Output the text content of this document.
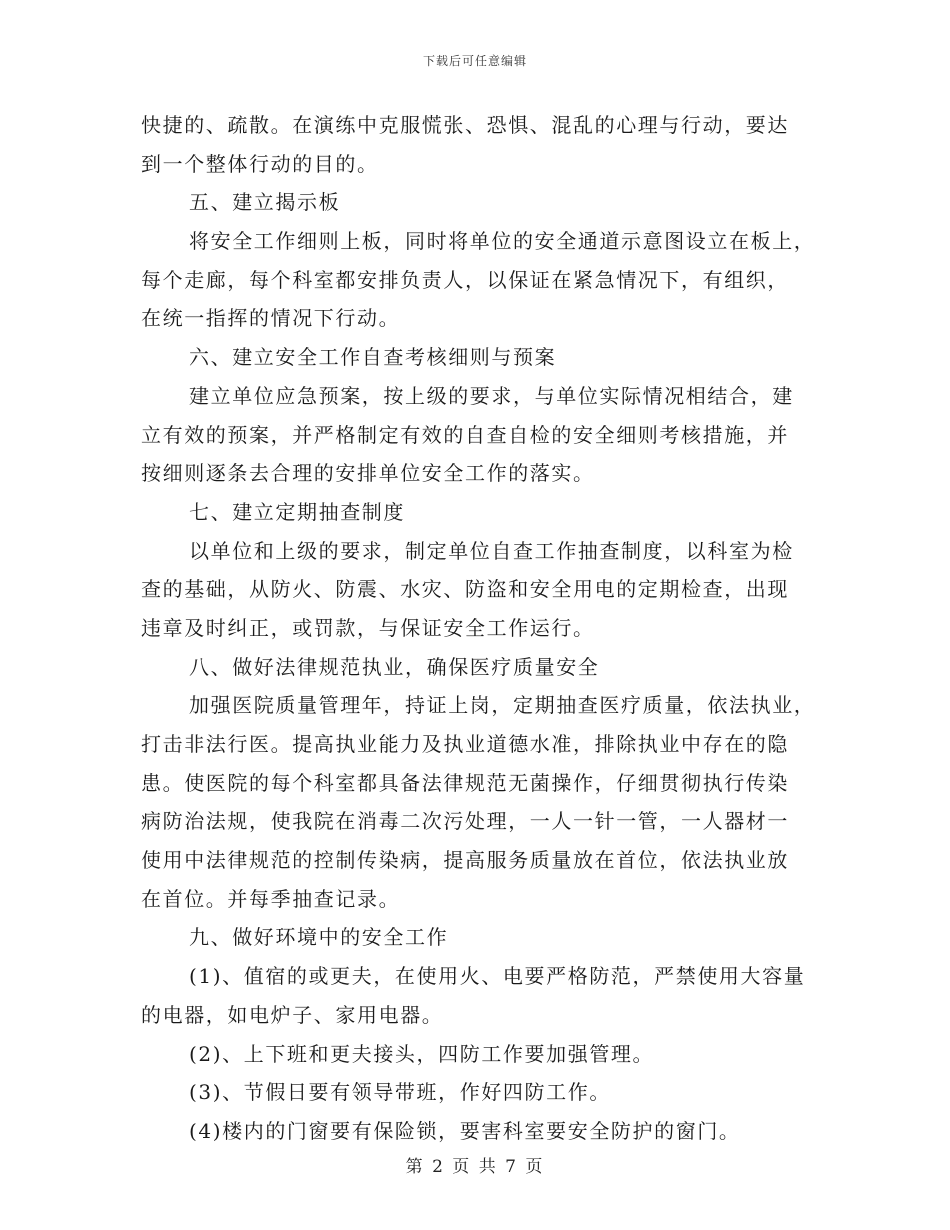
下载后可任意编辑
快捷的、疏散。在演练中克服慌张、恐惧、混乱的心理与行动，要达
到一个整体行动的目的。
五、建立揭示板
将安全工作细则上板，同时将单位的安全通道示意图设立在板上，
每个走廊，每个科室都安排负责人，以保证在紧急情况下，有组织，
在统一指挥的情况下行动。
六、建立安全工作自查考核细则与预案
建立单位应急预案，按上级的要求，与单位实际情况相结合，建
立有效的预案，并严格制定有效的自查自检的安全细则考核措施，并
按细则逐条去合理的安排单位安全工作的落实。
七、建立定期抽查制度
以单位和上级的要求，制定单位自查工作抽查制度，以科室为检
查的基础，从防火、防震、水灾、防盗和安全用电的定期检查，出现
违章及时纠正，或罚款，与保证安全工作运行。
八、做好法律规范执业，确保医疗质量安全
加强医院质量管理年，持证上岗，定期抽查医疗质量，依法执业，
打击非法行医。提高执业能力及执业道德水准，排除执业中存在的隐
患。使医院的每个科室都具备法律规范无菌操作，仔细贯彻执行传染
病防治法规，使我院在消毒二次污处理，一人一针一管，一人器材一
使用中法律规范的控制传染病，提高服务质量放在首位，依法执业放
在首位。并每季抽查记录。
九、做好环境中的安全工作
(1)、值宿的或更夫，在使用火、电要严格防范，严禁使用大容量
的电器，如电炉子、家用电器。
(2)、上下班和更夫接头，四防工作要加强管理。
(3)、节假日要有领导带班，作好四防工作。
(4)楼内的门窗要有保险锁，要害科室要安全防护的窗门。
第 2 页 共 7 页
